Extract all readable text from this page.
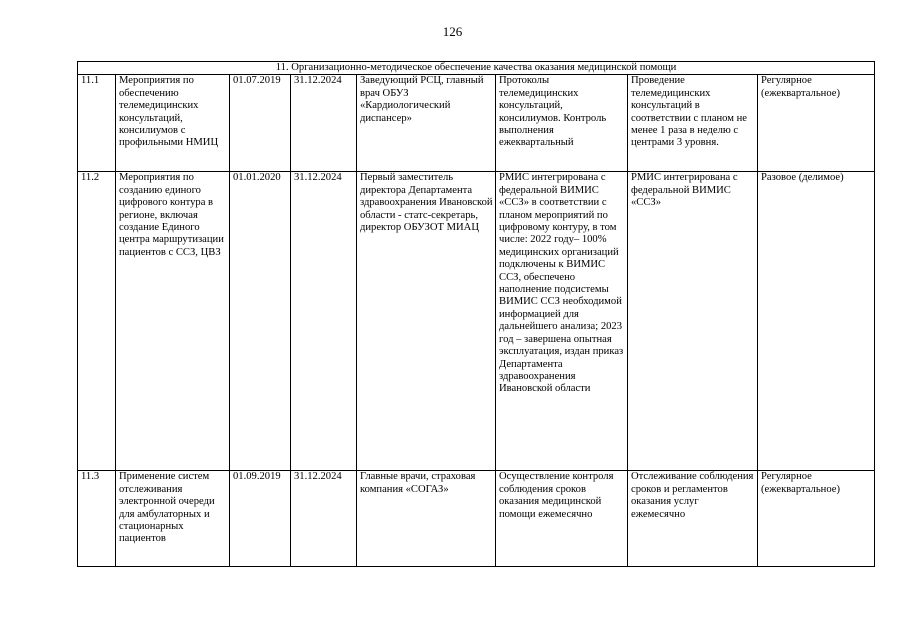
126
11. Организационно-методическое обеспечение качества оказания медицинской помощи							
11.1	Мероприятия по обеспечению телемедицинских консультаций, консилиумов с профильными НМИЦ	01.07.2019	31.12.2024	Заведующий РСЦ, главный врач ОБУЗ «Кардиологический диспансер»	Протоколы телемедицинских консультаций, консилиумов. Контроль выполнения ежеквартальный	Проведение телемедицинских консультаций в соответствии с планом не менее 1 раза в неделю с центрами 3 уровня.	Регулярное (ежеквартальное)
11.2	Мероприятия по созданию единого цифрового контура в регионе, включая создание Единого центра маршрутизации пациентов с ССЗ, ЦВЗ	01.01.2020	31.12.2024	Первый заместитель директора Департамента здравоохранения Ивановской области - статс-секретарь, директор ОБУЗОТ МИАЦ	РМИС интегрирована с федеральной ВИМИС «ССЗ» в соответствии с планом мероприятий по цифровому контуру, в том числе: 2022 году– 100% медицинских организаций подключены к ВИМИС ССЗ, обеспечено наполнение подсистемы ВИМИС ССЗ необходимой информацией для дальнейшего анализа; 2023 год – завершена опытная эксплуатация, издан приказ Департамента здравоохранения Ивановской области	РМИС интегрирована с федеральной ВИМИС «ССЗ»	Разовое (делимое)
11.3	Применение систем отслеживания электронной очереди для амбулаторных и стационарных пациентов	01.09.2019	31.12.2024	Главные врачи, страховая компания «СОГАЗ»	Осуществление контроля соблюдения сроков оказания медицинской помощи ежемесячно	Отслеживание соблюдения сроков и регламентов оказания услуг ежемесячно	Регулярное (ежеквартальное)
